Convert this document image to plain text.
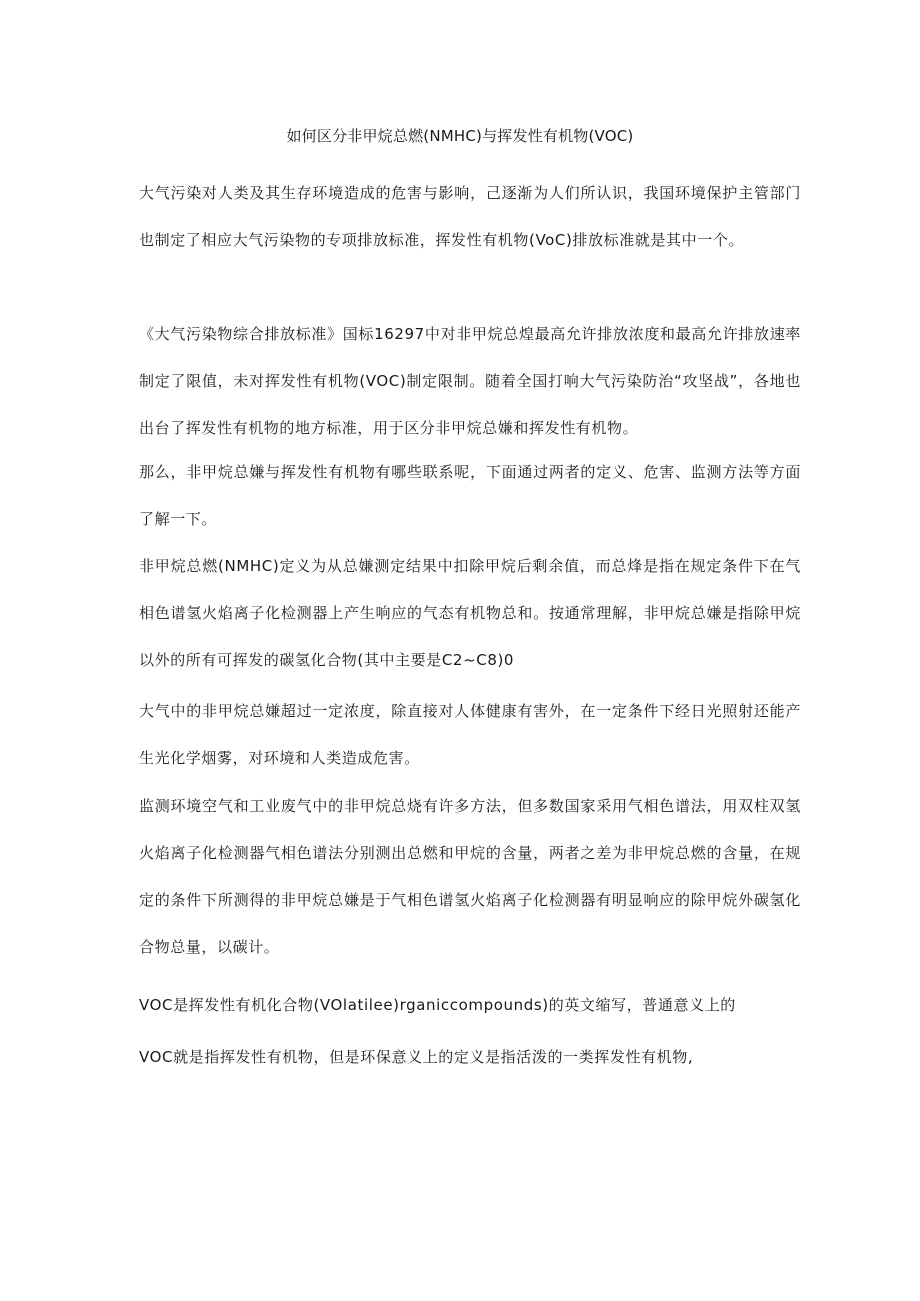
如何区分非甲烷总燃(NMHC)与挥发性有机物(VOC)

大气污染对人类及其生存环境造成的危害与影响，己逐渐为人们所认识，我国环境保护主管部门也制定了相应大气污染物的专项排放标准，挥发性有机物(VoC)排放标准就是其中一个。

《大气污染物综合排放标准》国标16297中对非甲烷总煌最高允许排放浓度和最高允许排放速率制定了限值，未对挥发性有机物(VOC)制定限制。随着全国打响大气污染防治“攻坚战”，各地也出台了挥发性有机物的地方标准，用于区分非甲烷总嫌和挥发性有机物。

那么，非甲烷总嫌与挥发性有机物有哪些联系呢，下面通过两者的定义、危害、监测方法等方面了解一下。

非甲烷总燃(NMHC)定义为从总嫌测定结果中扣除甲烷后剩余值，而总烽是指在规定条件下在气相色谱氢火焰离子化检测器上产生响应的气态有机物总和。按通常理解，非甲烷总嫌是指除甲烷以外的所有可挥发的碳氢化合物(其中主要是C2~C8)0

大气中的非甲烷总嫌超过一定浓度，除直接对人体健康有害外，在一定条件下经日光照射还能产生光化学烟雾，对环境和人类造成危害。

监测环境空气和工业废气中的非甲烷总烧有许多方法，但多数国家采用气相色谱法，用双柱双氢火焰离子化检测器气相色谱法分别测出总燃和甲烷的含量，两者之差为非甲烷总燃的含量，在规定的条件下所测得的非甲烷总嫌是于气相色谱氢火焰离子化检测器有明显响应的除甲烷外碳氢化合物总量，以碳计。

VOC是挥发性有机化合物(VOlatilee)rganiccompounds)的英文缩写，普通意义上的

VOC就是指挥发性有机物，但是环保意义上的定义是指活泼的一类挥发性有机物,
